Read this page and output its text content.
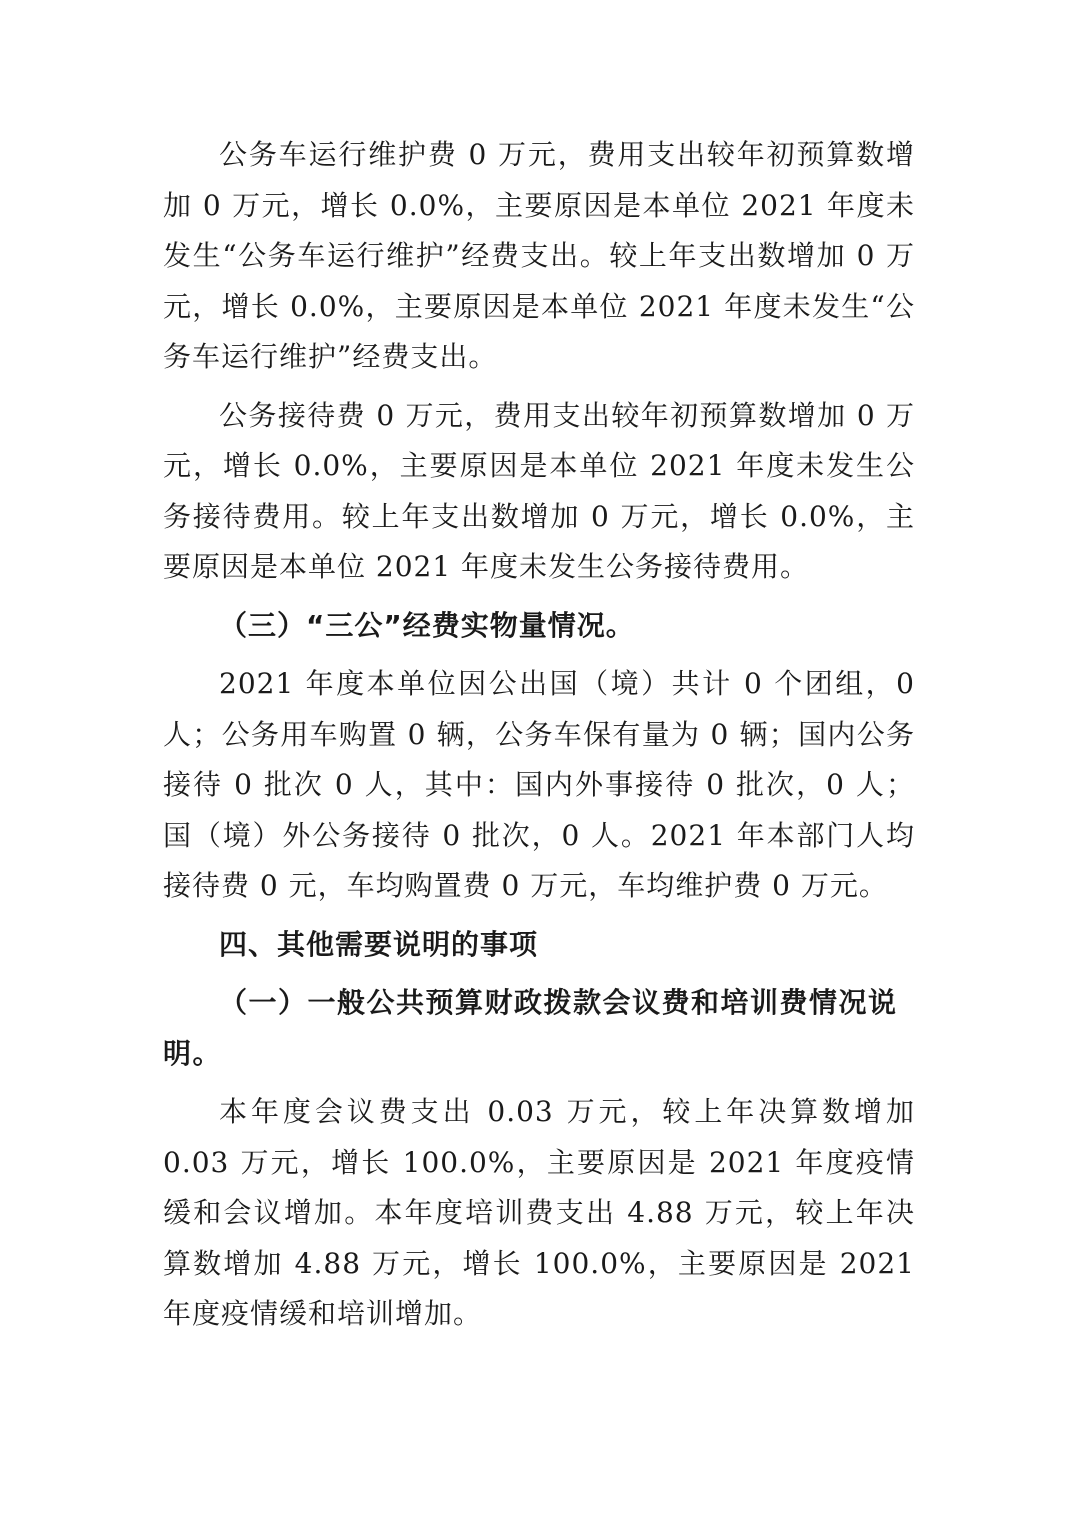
公务车运行维护费 0 万元，费用支出较年初预算数增加 0 万元，增长 0.0%，主要原因是本单位 2021 年度未发生“公务车运行维护”经费支出。较上年支出数增加 0 万元，增长 0.0%，主要原因是本单位 2021 年度未发生“公务车运行维护”经费支出。

公务接待费 0 万元，费用支出较年初预算数增加 0 万元，增长 0.0%，主要原因是本单位 2021 年度未发生公务接待费用。较上年支出数增加 0 万元，增长 0.0%，主要原因是本单位 2021 年度未发生公务接待费用。

（三）“三公”经费实物量情况。

2021 年度本单位因公出国（境）共计 0 个团组，0 人；公务用车购置 0 辆，公务车保有量为 0 辆；国内公务接待 0 批次 0 人，其中：国内外事接待 0 批次，0 人；国（境）外公务接待 0 批次，0 人。2021 年本部门人均接待费 0 元，车均购置费 0 万元，车均维护费 0 万元。

四、其他需要说明的事项

（一）一般公共预算财政拨款会议费和培训费情况说明。

本年度会议费支出 0.03 万元，较上年决算数增加 0.03 万元，增长 100.0%，主要原因是 2021 年度疫情缓和会议增加。本年度培训费支出 4.88 万元，较上年决算数增加 4.88 万元，增长 100.0%，主要原因是 2021 年度疫情缓和培训增加。
